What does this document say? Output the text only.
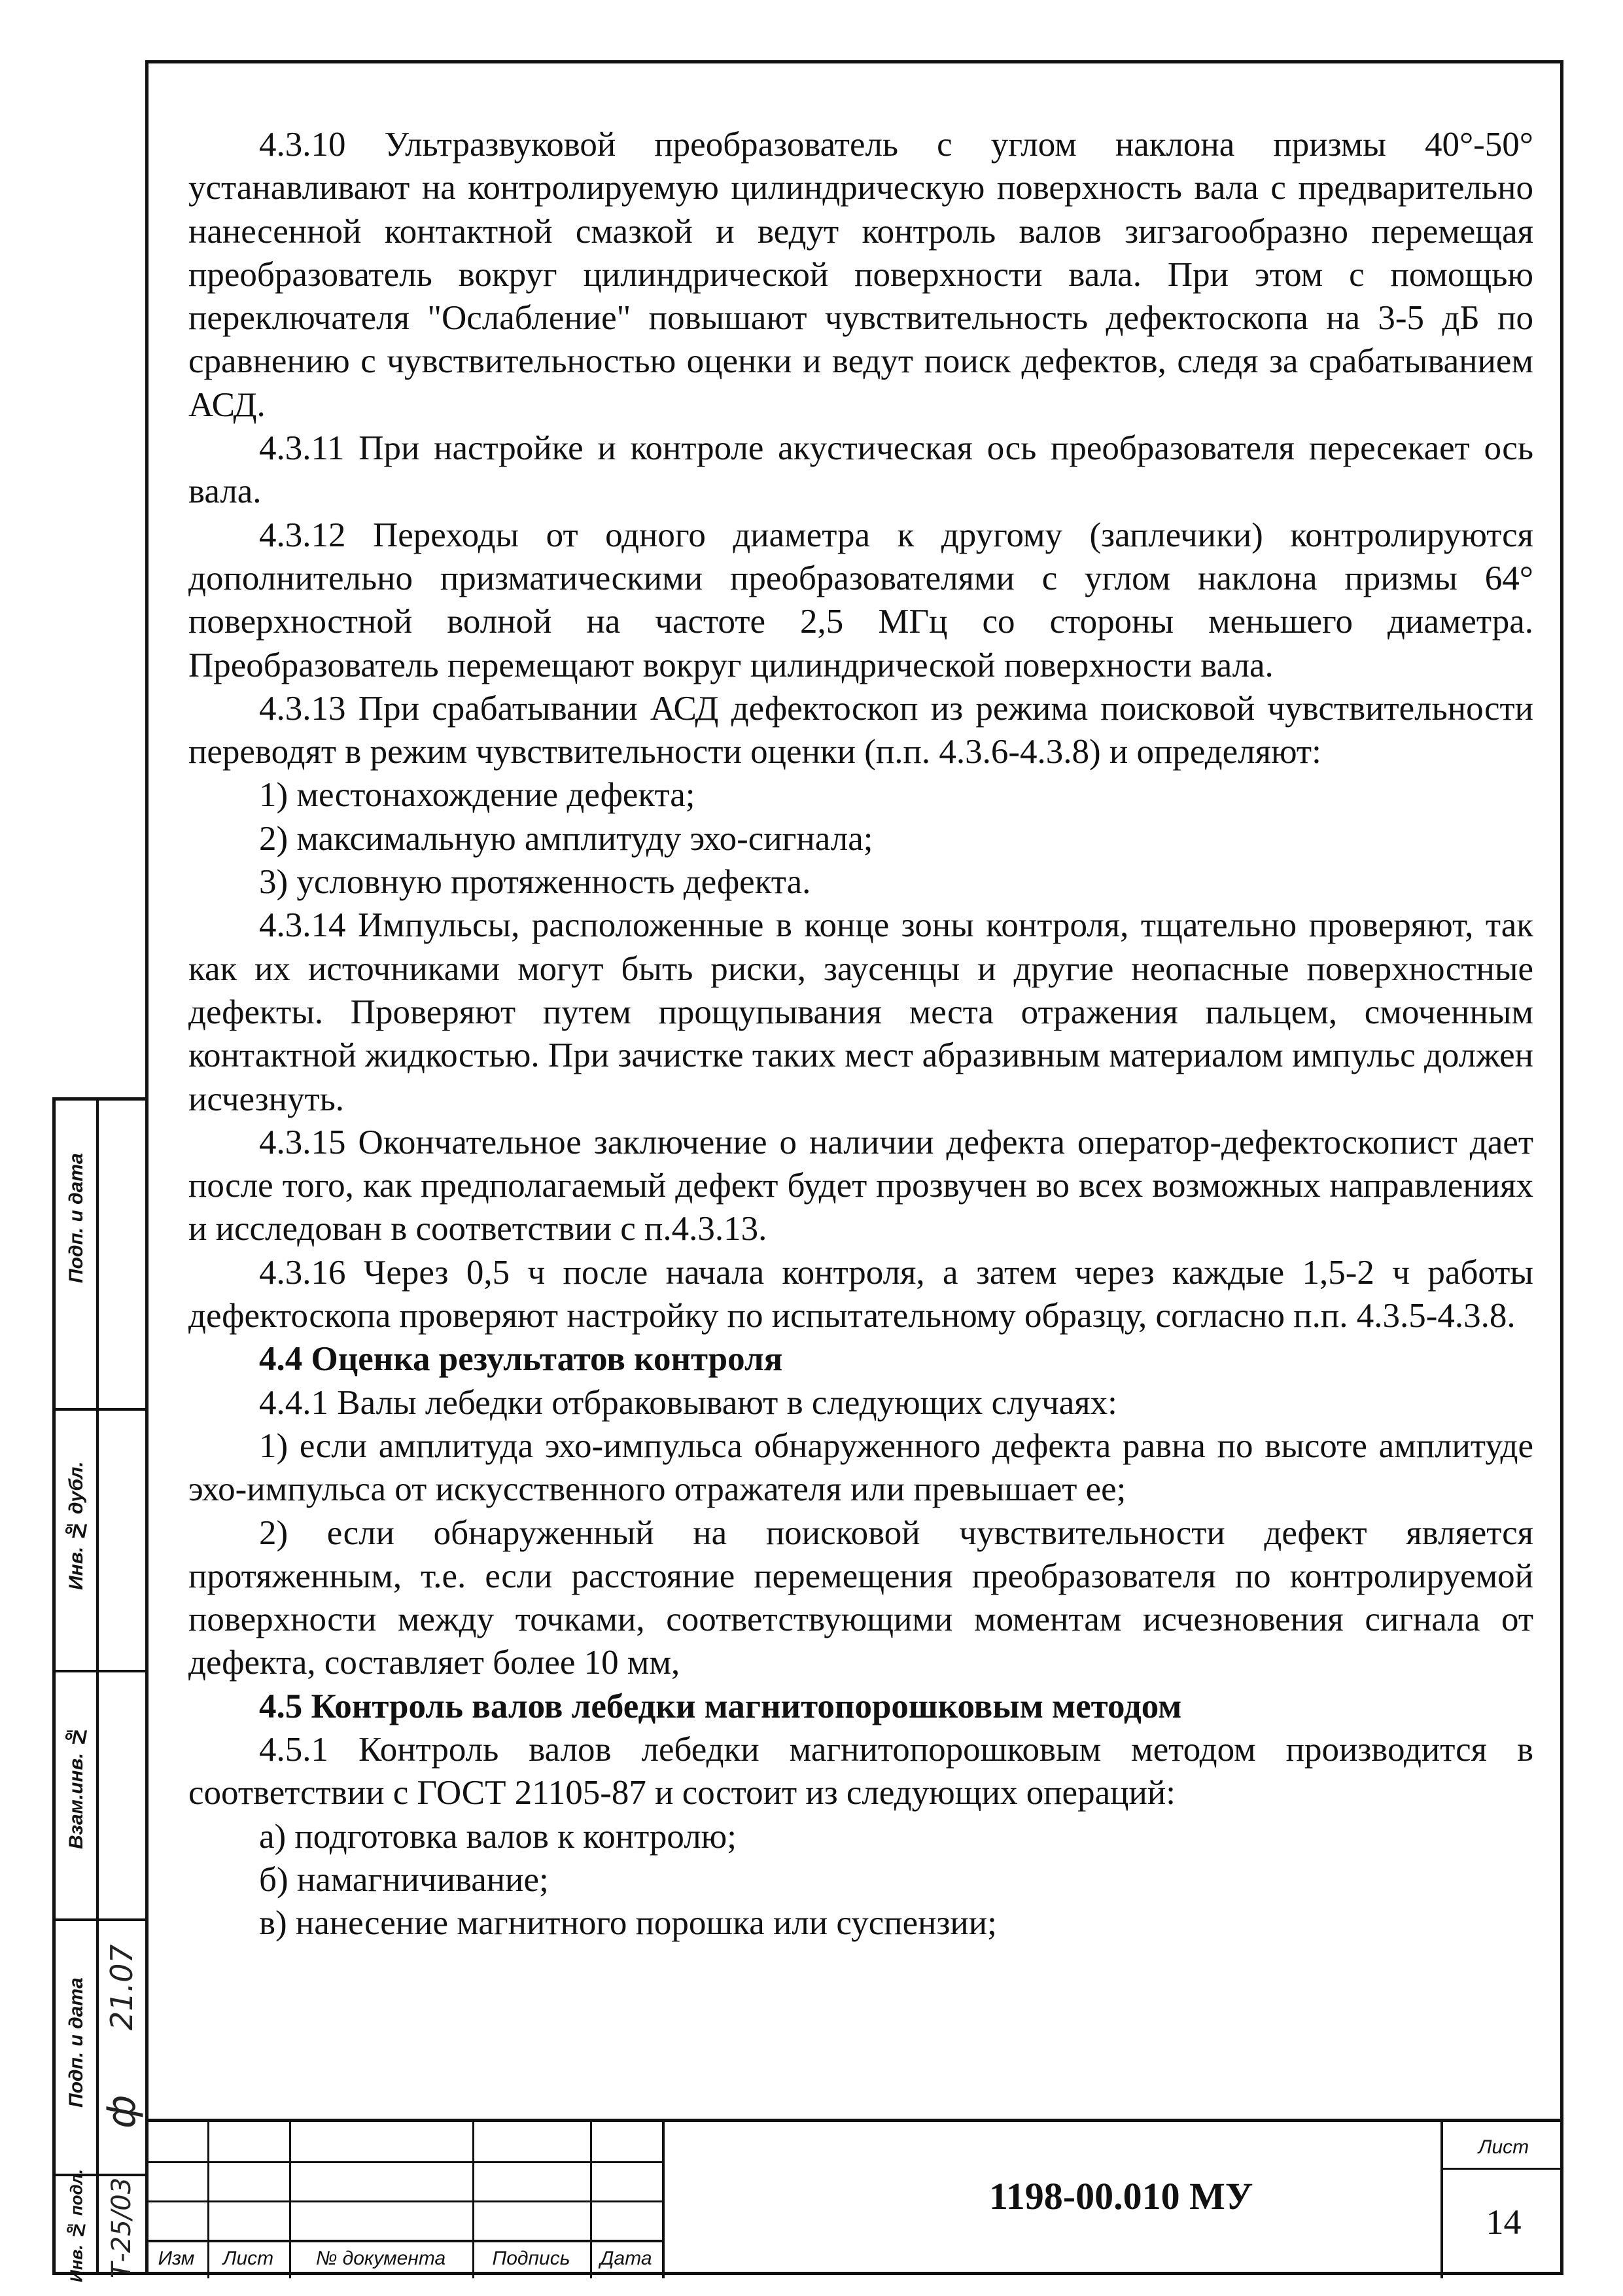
4.3.10 Ультразвуковой преобразователь с углом наклона призмы 40°-50° устанавливают на контролируемую цилиндрическую поверхность вала с предварительно нанесенной контактной смазкой и ведут контроль валов зигзагообразно перемещая преобразователь вокруг цилиндрической поверхности вала. При этом с помощью переключателя "Ослабление" повышают чувствительность дефектоскопа на 3-5 дБ по сравнению с чувствительностью оценки и ведут поиск дефектов, следя за срабатыванием АСД.

4.3.11 При настройке и контроле акустическая ось преобразователя пересекает ось вала.

4.3.12 Переходы от одного диаметра к другому (заплечики) контролируются дополнительно призматическими преобразователями с углом наклона призмы 64° поверхностной волной на частоте 2,5 МГц со стороны меньшего диаметра. Преобразователь перемещают вокруг цилиндрической поверхности вала.

4.3.13 При срабатывании АСД дефектоскоп из режима поисковой чувствительности переводят в режим чувствительности оценки (п.п. 4.3.6-4.3.8) и определяют:

1) местонахождение дефекта;

2) максимальную амплитуду эхо-сигнала;

3) условную протяженность дефекта.

4.3.14 Импульсы, расположенные в конце зоны контроля, тщательно проверяют, так как их источниками могут быть риски, заусенцы и другие неопасные поверхностные дефекты. Проверяют путем прощупывания места отражения пальцем, смоченным контактной жидкостью. При зачистке таких мест абразивным материалом импульс должен исчезнуть.

4.3.15 Окончательное заключение о наличии дефекта оператор-дефектоскопист дает после того, как предполагаемый дефект будет прозвучен во всех возможных направлениях и исследован в соответствии с п.4.3.13.

4.3.16 Через 0,5 ч после начала контроля, а затем через каждые 1,5-2 ч работы дефектоскопа проверяют настройку по испытательному образцу, согласно п.п. 4.3.5-4.3.8.

4.4 Оценка результатов контроля

4.4.1 Валы лебедки отбраковывают в следующих случаях:

1) если амплитуда эхо-импульса обнаруженного дефекта равна по высоте амплитуде эхо-импульса от искусственного отражателя или превышает ее;

2) если обнаруженный на поисковой чувствительности дефект является протяженным, т.е. если расстояние перемещения преобразователя по контролируемой поверхности между точками, соответствующими моментам исчезновения сигнала от дефекта, составляет более 10 мм,

4.5 Контроль валов лебедки магнитопорошковым методом

4.5.1 Контроль валов лебедки магнитопорошковым методом производится в соответствии с ГОСТ 21105-87 и состоит из следующих операций:

а) подготовка валов к контролю;

б) намагничивание;

в) нанесение магнитного порошка или суспензии;

Подп. и дата
Инв. № дубл.
Взам.инв. №
Подп. и дата 21.07
ф
Инв. № подл. Т-25/03	Изм	Лист	№ документа	Подпись	Дата
1198-00.010 МУ
Лист
14
